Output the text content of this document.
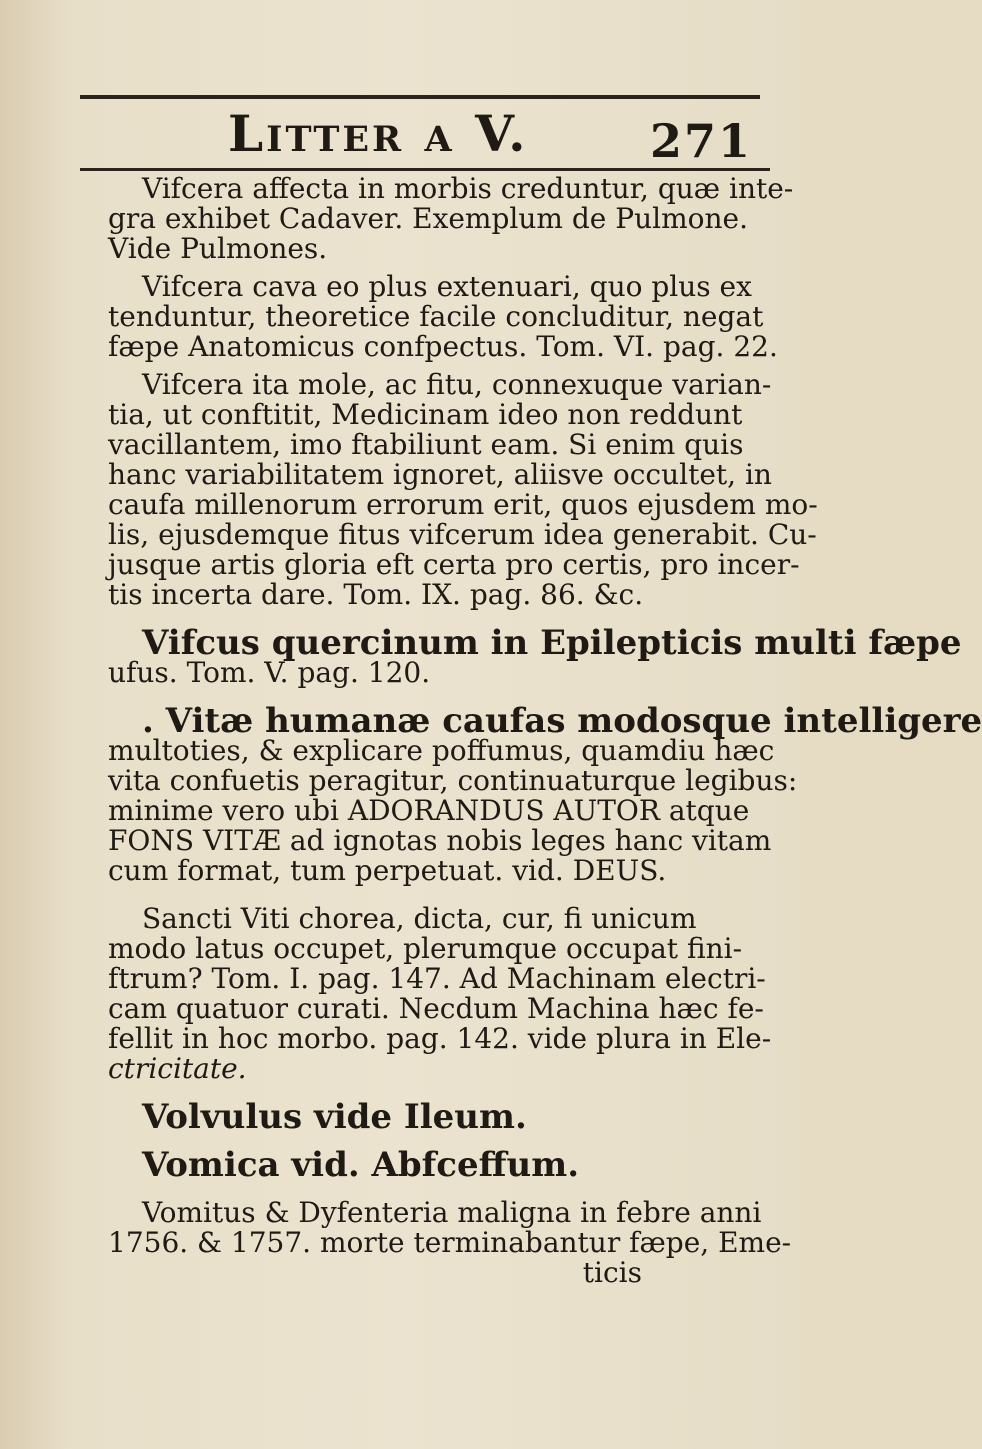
Litter a V.	271
Vifcera affecta in morbis creduntur, quæ inte-
gra exhibet Cadaver. Exemplum de Pulmone.
Vide Pulmones.
Vifcera cava eo plus extenuari, quo plus ex
tenduntur, theoretice facile concluditur, negat
fæpe Anatomicus confpectus. Tom. VI. pag. 22.
Vifcera ita mole, ac fitu, connexuque varian-
tia, ut conftitit, Medicinam ideo non reddunt
vacillantem, imo ftabiliunt eam. Si enim quis
hanc variabilitatem ignoret, aliisve occultet, in
caufa millenorum errorum erit, quos ejusdem mo-
lis, ejusdemque fitus vifcerum idea generabit. Cu-
jusque artis gloria eft certa pro certis, pro incer-
tis incerta dare. Tom. IX. pag. 86. &c.
Vifcus quercinum in Epilepticis multi fæpe
ufus. Tom. V. pag. 120.
. Vitæ humanæ caufas modosque intelligere
multoties, & explicare poffumus, quamdiu hæc
vita confuetis peragitur, continuaturque legibus:
minime vero ubi ADORANDUS AUTOR atque
FONS VITÆ ad ignotas nobis leges hanc vitam
cum format, tum perpetuat. vid. DEUS.
Sancti Viti chorea, dicta, cur, fi unicum
modo latus occupet, plerumque occupat fini-
ftrum? Tom. I. pag. 147. Ad Machinam electri-
cam quatuor curati. Necdum Machina hæc fe-
fellit in hoc morbo. pag. 142. vide plura in Ele-
ctricitate.
Volvulus vide Ileum.
Vomica vid. Abfceffum.
Vomitus & Dyfenteria maligna in febre anni
1756. & 1757. morte terminabantur fæpe, Eme-
ticis
